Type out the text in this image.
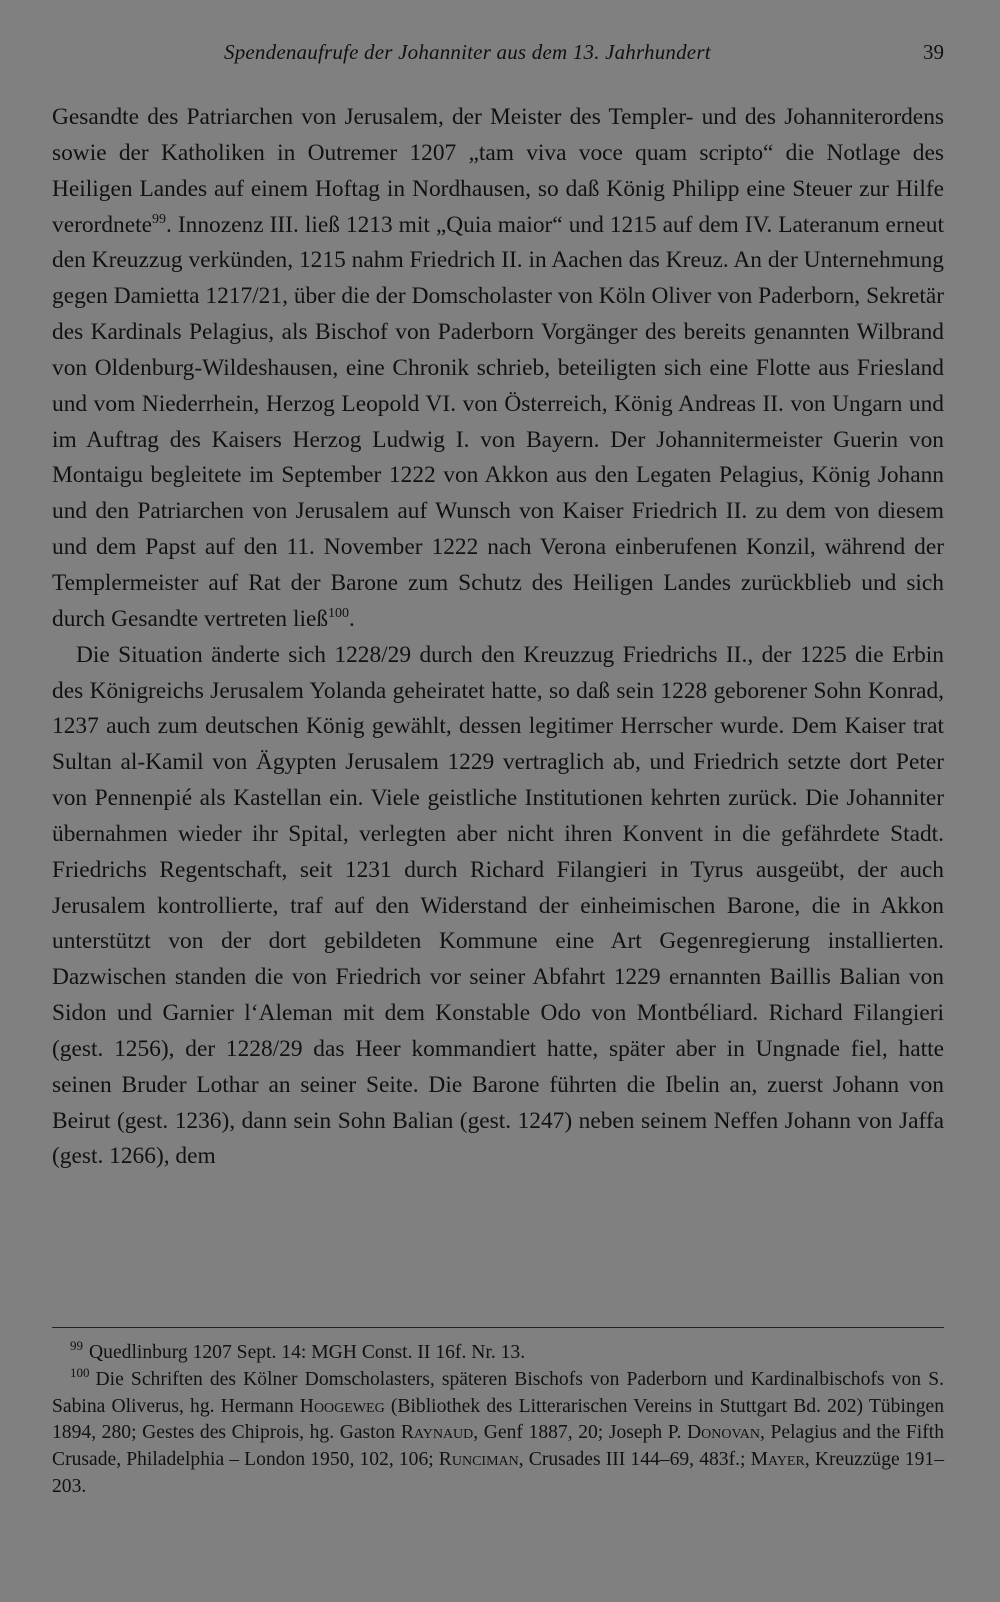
Spendenaufrufe der Johanniter aus dem 13. Jahrhundert	39

Gesandte des Patriarchen von Jerusalem, der Meister des Templer- und des Johanniterordens sowie der Katholiken in Outremer 1207 „tam viva voce quam scripto“ die Notlage des Heiligen Landes auf einem Hoftag in Nordhausen, so daß König Philipp eine Steuer zur Hilfe verordnete$^{99}$. Innozenz III. ließ 1213 mit „Quia maior“ und 1215 auf dem IV. Lateranum erneut den Kreuzzug verkünden, 1215 nahm Friedrich II. in Aachen das Kreuz. An der Unternehmung gegen Damietta 1217/21, über die der Domscholaster von Köln Oliver von Paderborn, Sekretär des Kardinals Pelagius, als Bischof von Paderborn Vorgänger des bereits genannten Wilbrand von Oldenburg-Wildeshausen, eine Chronik schrieb, beteiligten sich eine Flotte aus Friesland und vom Niederrhein, Herzog Leopold VI. von Österreich, König Andreas II. von Ungarn und im Auftrag des Kaisers Herzog Ludwig I. von Bayern. Der Johannitermeister Guerin von Montaigu begleitete im September 1222 von Akkon aus den Legaten Pelagius, König Johann und den Patriarchen von Jerusalem auf Wunsch von Kaiser Friedrich II. zu dem von diesem und dem Papst auf den 11. November 1222 nach Verona einberufenen Konzil, während der Templermeister auf Rat der Barone zum Schutz des Heiligen Landes zurückblieb und sich durch Gesandte vertreten ließ$^{100}$.

Die Situation änderte sich 1228/29 durch den Kreuzzug Friedrichs II., der 1225 die Erbin des Königreichs Jerusalem Yolanda geheiratet hatte, so daß sein 1228 geborener Sohn Konrad, 1237 auch zum deutschen König gewählt, dessen legitimer Herrscher wurde. Dem Kaiser trat Sultan al-Kamil von Ägypten Jerusalem 1229 vertraglich ab, und Friedrich setzte dort Peter von Pennenpié als Kastellan ein. Viele geistliche Institutionen kehrten zurück. Die Johanniter übernahmen wieder ihr Spital, verlegten aber nicht ihren Konvent in die gefährdete Stadt. Friedrichs Regentschaft, seit 1231 durch Richard Filangieri in Tyrus ausgeübt, der auch Jerusalem kontrollierte, traf auf den Widerstand der einheimischen Barone, die in Akkon unterstützt von der dort gebildeten Kommune eine Art Gegenregierung installierten. Dazwischen standen die von Friedrich vor seiner Abfahrt 1229 ernannten Baillis Balian von Sidon und Garnier l‘Aleman mit dem Konstable Odo von Montbéliard. Richard Filangieri (gest. 1256), der 1228/29 das Heer kommandiert hatte, später aber in Ungnade fiel, hatte seinen Bruder Lothar an seiner Seite. Die Barone führten die Ibelin an, zuerst Johann von Beirut (gest. 1236), dann sein Sohn Balian (gest. 1247) neben seinem Neffen Johann von Jaffa (gest. 1266), dem

$^{99}$ Quedlinburg 1207 Sept. 14: MGH Const. II 16f. Nr. 13.

$^{100}$ Die Schriften des Kölner Domscholasters, späteren Bischofs von Paderborn und Kardinalbischofs von S. Sabina Oliverus, hg. Hermann Hoogeweg (Bibliothek des Litterarischen Vereins in Stuttgart Bd. 202) Tübingen 1894, 280; Gestes des Chiprois, hg. Gaston Raynaud, Genf 1887, 20; Joseph P. Donovan, Pelagius and the Fifth Crusade, Philadelphia – London 1950, 102, 106; Runciman, Crusades III 144–69, 483f.; Mayer, Kreuzzüge 191–203.
